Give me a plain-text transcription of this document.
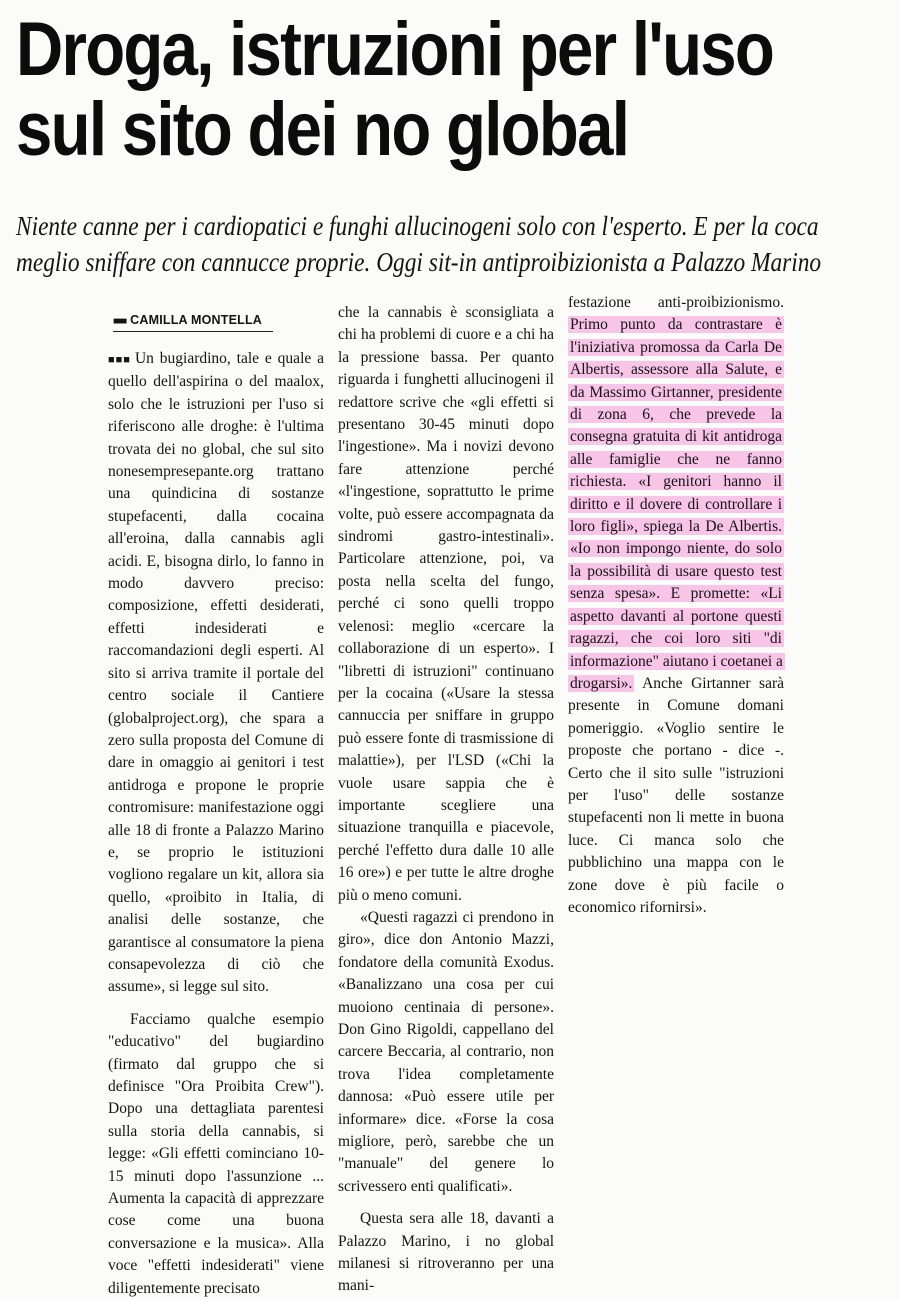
Droga, istruzioni per l'uso
sul sito dei no global
Niente canne per i cardiopatici e funghi allucinogeni solo con l'esperto. E per la coca
meglio sniffare con cannucce proprie. Oggi sit-in antiproibizionista a Palazzo Marino
■■■ CAMILLA MONTELLA

■■■ Un bugiardino, tale e quale a quello dell'aspirina o del maalox, solo che le istruzioni per l'uso si riferiscono alle droghe: è l'ultima trovata dei no global, che sul sito nonesempresepante.org trattano una quindicina di sostanze stupefacenti, dalla cocaina all'eroina, dalla cannabis agli acidi. E, bisogna dirlo, lo fanno in modo davvero preciso: composizione, effetti desiderati, effetti indesiderati e raccomandazioni degli esperti. Al sito si arriva tramite il portale del centro sociale il Cantiere (globalproject.org), che spara a zero sulla proposta del Comune di dare in omaggio ai genitori i test antidroga e propone le proprie contromisure: manifestazione oggi alle 18 di fronte a Palazzo Marino e, se proprio le istituzioni vogliono regalare un kit, allora sia quello, «proibito in Italia, di analisi delle sostanze, che garantisce al consumatore la piena consapevolezza di ciò che assume», si legge sul sito.

Facciamo qualche esempio "educativo" del bugiardino (firmato dal gruppo che si definisce "Ora Proibita Crew"). Dopo una dettagliata parentesi sulla storia della cannabis, si legge: «Gli effetti cominciano 10-15 minuti dopo l'assunzione ... Aumenta la capacità di apprezzare cose come una buona conversazione e la musica». Alla voce "effetti indesiderati" viene diligentemente precisato

che la cannabis è sconsigliata a chi ha problemi di cuore e a chi ha la pressione bassa. Per quanto riguarda i funghetti allucinogeni il redattore scrive che «gli effetti si presentano 30-45 minuti dopo l'ingestione». Ma i novizi devono fare attenzione perché «l'ingestione, soprattutto le prime volte, può essere accompagnata da sindromi gastro-intestinali». Particolare attenzione, poi, va posta nella scelta del fungo, perché ci sono quelli troppo velenosi: meglio «cercare la collaborazione di un esperto». I "libretti di istruzioni" continuano per la cocaina («Usare la stessa cannuccia per sniffare in gruppo può essere fonte di trasmissione di malattie»), per l'LSD («Chi la vuole usare sappia che è importante scegliere una situazione tranquilla e piacevole, perché l'effetto dura dalle 10 alle 16 ore») e per tutte le altre droghe più o meno comuni.

«Questi ragazzi ci prendono in giro», dice don Antonio Mazzi, fondatore della comunità Exodus. «Banalizzano una cosa per cui muoiono centinaia di persone». Don Gino Rigoldi, cappellano del carcere Beccaria, al contrario, non trova l'idea completamente dannosa: «Può essere utile per informare» dice. «Forse la cosa migliore, però, sarebbe che un "manuale" del genere lo scrivessero enti qualificati».

Questa sera alle 18, davanti a Palazzo Marino, i no global milanesi si ritroveranno per una mani-

festazione anti-proibizionismo. Primo punto da contrastare è l'iniziativa promossa da Carla De Albertis, assessore alla Salute, e da Massimo Girtanner, presidente di zona 6, che prevede la consegna gratuita di kit antidroga alle famiglie che ne fanno richiesta. «I genitori hanno il diritto e il dovere di controllare i loro figli», spiega la De Albertis. «Io non impongo niente, do solo la possibilità di usare questo test senza spesa». E promette: «Li aspetto davanti al portone questi ragazzi, che coi loro siti "di informazione" aiutano i coetanei a drogarsi». Anche Girtanner sarà presente in Comune domani pomeriggio. «Voglio sentire le proposte che portano - dice -. Certo che il sito sulle "istruzioni per l'uso" delle sostanze stupefacenti non li mette in buona luce. Ci manca solo che pubblichino una mappa con le zone dove è più facile o economico rifornirsi».
